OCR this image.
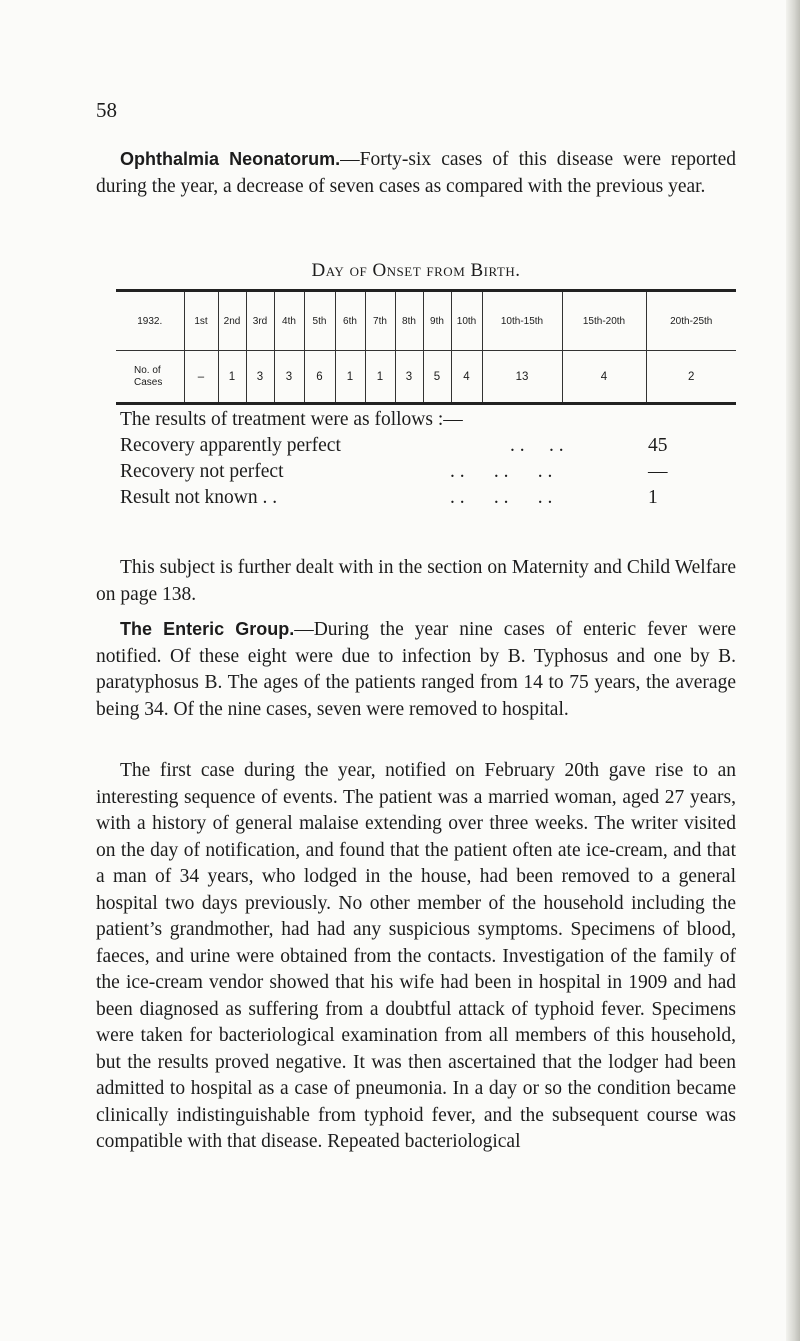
58

Ophthalmia Neonatorum.—Forty-six cases of this disease were reported during the year, a decrease of seven cases as compared with the previous year.

Day of Onset from Birth.
1932.	1st	2nd	3rd	4th	5th	6th	7th	8th	9th	10th	10th-15th	15th-20th	20th-25th
No. of Cases	–	1	3	3	6	1	1	3	5	4	13	4	2
The results of treatment were as follows :—
Recovery apparently perfect	. .     . .	45
Recovery not perfect	. .      . .      . .	—
Result not known . .	. .      . .      . .	1

This subject is further dealt with in the section on Maternity and Child Welfare on page 138.

The Enteric Group.—During the year nine cases of enteric fever were notified. Of these eight were due to infection by B. Typhosus and one by B. paratyphosus B. The ages of the patients ranged from 14 to 75 years, the average being 34. Of the nine cases, seven were removed to hospital.

The first case during the year, notified on February 20th gave rise to an interesting sequence of events. The patient was a married woman, aged 27 years, with a history of general malaise extending over three weeks. The writer visited on the day of notification, and found that the patient often ate ice-cream, and that a man of 34 years, who lodged in the house, had been removed to a general hospital two days previously. No other member of the household including the patient’s grandmother, had had any suspicious symptoms. Specimens of blood, faeces, and urine were obtained from the contacts. Investigation of the family of the ice-cream vendor showed that his wife had been in hospital in 1909 and had been diagnosed as suffering from a doubtful attack of typhoid fever. Specimens were taken for bacteriological examination from all members of this household, but the results proved negative. It was then ascertained that the lodger had been admitted to hospital as a case of pneumonia. In a day or so the condition became clinically indistinguishable from typhoid fever, and the subsequent course was compatible with that disease. Repeated bacteriological
